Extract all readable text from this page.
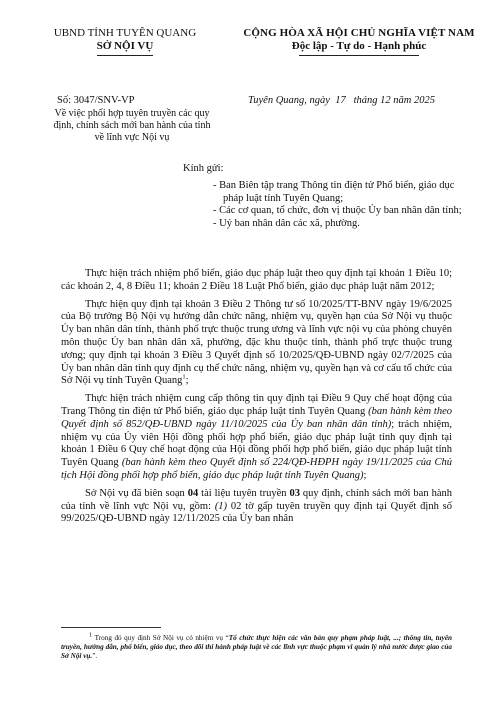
UBND TỈNH TUYÊN QUANG
SỞ NỘI VỤ
CỘNG HÒA XÃ HỘI CHỦ NGHĨA VIỆT NAM
Độc lập - Tự do - Hạnh phúc
Số: 3047/SNV-VP
Về việc phối hợp tuyên truyền các quy định, chính sách mới ban hành của tỉnh về lĩnh vực Nội vụ
Tuyên Quang, ngày 17 tháng 12 năm 2025
Kính gửi:
- Ban Biên tập trang Thông tin điện tử Phổ biến, giáo dục pháp luật tỉnh Tuyên Quang;
- Các cơ quan, tổ chức, đơn vị thuộc Ủy ban nhân dân tỉnh;
- Uỷ ban nhân dân các xã, phường.

Thực hiện trách nhiệm phổ biến, giáo dục pháp luật theo quy định tại khoản 1 Điều 10; các khoản 2, 4, 8 Điều 11; khoản 2 Điều 18 Luật Phổ biến, giáo dục pháp luật năm 2012;

Thực hiện quy định tại khoản 3 Điều 2 Thông tư số 10/2025/TT-BNV ngày 19/6/2025 của Bộ trưởng Bộ Nội vụ hướng dẫn chức năng, nhiệm vụ, quyền hạn của Sở Nội vụ thuộc Ủy ban nhân dân tỉnh, thành phố trực thuộc trung ương và lĩnh vực nội vụ của phòng chuyên môn thuộc Ủy ban nhân dân xã, phường, đặc khu thuộc tỉnh, thành phố trực thuộc trung ương; quy định tại khoản 3 Điều 3 Quyết định số 10/2025/QĐ-UBND ngày 02/7/2025 của Ủy ban nhân dân tỉnh quy định cụ thể chức năng, nhiệm vụ, quyền hạn và cơ cấu tổ chức của Sở Nội vụ tỉnh Tuyên Quang$^1$;

Thực hiện trách nhiệm cung cấp thông tin quy định tại Điều 9 Quy chế hoạt động của Trang Thông tin điện tử Phổ biến, giáo dục pháp luật tỉnh Tuyên Quang (ban hành kèm theo Quyết định số 852/QĐ-UBND ngày 11/10/2025 của Ủy ban nhân dân tỉnh); trách nhiệm, nhiệm vụ của Ủy viên Hội đồng phối hợp phổ biến, giáo dục pháp luật tỉnh quy định tại khoản 1 Điều 6 Quy chế hoạt động của Hội đồng phối hợp phổ biến, giáo dục pháp luật tỉnh Tuyên Quang (ban hành kèm theo Quyết định số 224/QĐ-HĐPH ngày 19/11/2025 của Chủ tịch Hội đồng phối hợp phổ biến, giáo dục pháp luật tỉnh Tuyên Quang);

Sở Nội vụ đã biên soạn 04 tài liệu tuyên truyền 03 quy định, chính sách mới ban hành của tỉnh về lĩnh vực Nội vụ, gồm: (1) 02 tờ gấp tuyên truyền quy định tại Quyết định số 99/2025/QĐ-UBND ngày 12/11/2025 của Ủy ban nhân

$^1$ Trong đó quy định Sở Nội vụ có nhiệm vụ “Tổ chức thực hiện các văn bản quy phạm pháp luật, ...; thông tin, tuyên truyền, hướng dẫn, phổ biến, giáo dục, theo dõi thi hành pháp luật về các lĩnh vực thuộc phạm vi quản lý nhà nước được giao của Sở Nội vụ.”.
